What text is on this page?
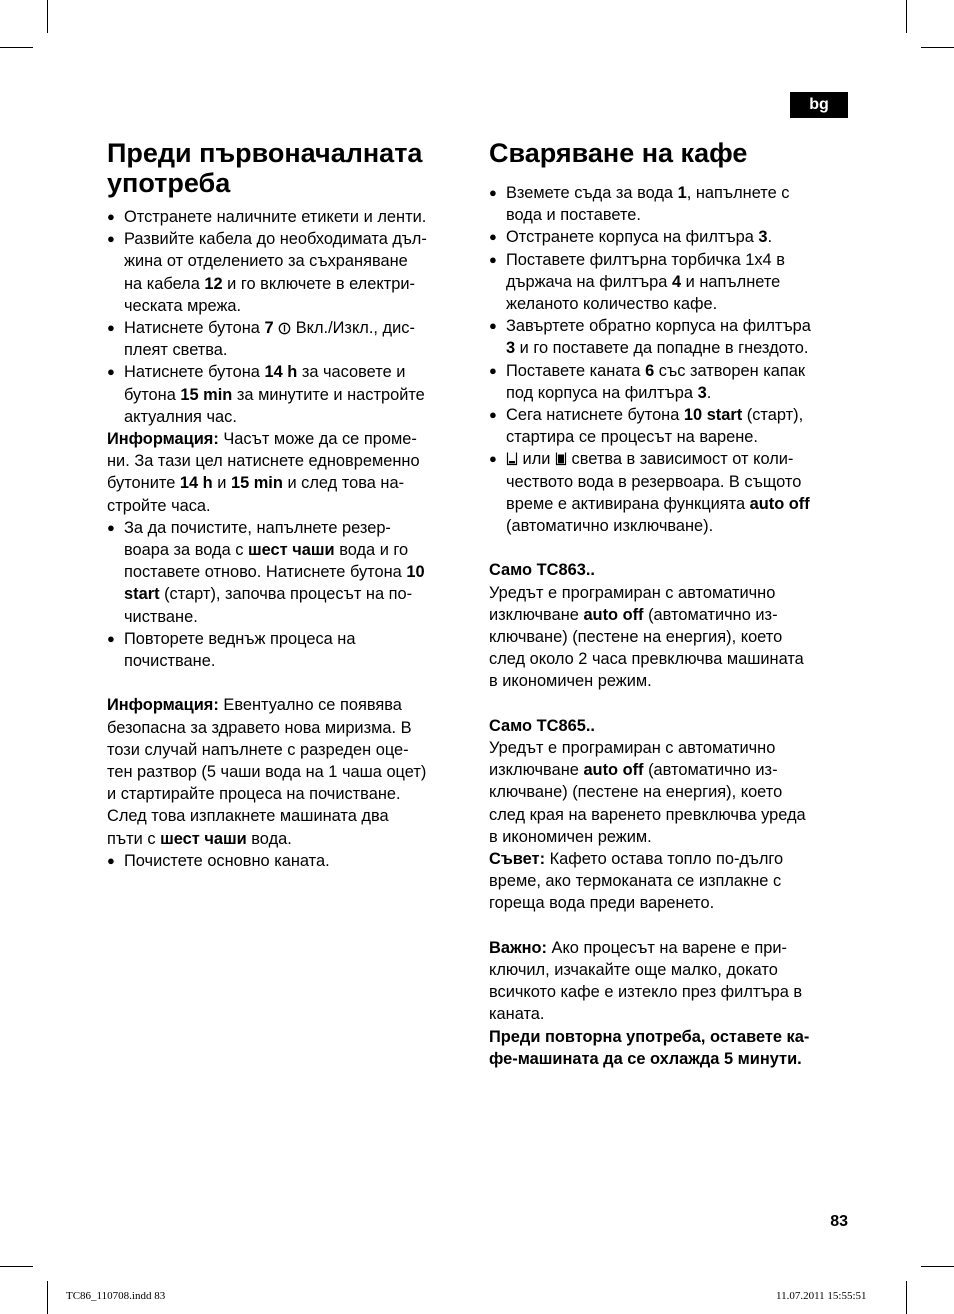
bg
Преди първоначалната
употреба
● Отстранете наличните етикети и ленти.
● Развийте кабела до необходимата дъл-
жина от отделението за съхраняване
на кабела 12 и го включете в електри-
ческата мрежа.
● Натиснете бутона 7  Вкл./Изкл., дис-
плеят светва.
● Натиснете бутона 14 h за часовете и
бутона 15 min за минутите и настройте
актуалния час.
Информация: Часът може да се проме-
ни. За тази цел натиснете едновременно
бутоните 14 h и 15 min и след това на-
стройте часа.
● За да почистите, напълнете резер-
воара за вода с шест чаши вода и го
поставете отново. Натиснете бутона 10
start (старт), започва процесът на по-
чистване.
● Повторете веднъж процеса на
почистване.
Информация: Евентуално се появява
безопасна за здравето нова миризма. В
този случай напълнете с разреден оце-
тен разтвор (5 чаши вода на 1 чаша оцет)
и стартирайте процеса на почистване.
След това изплакнете машината два
пъти с шест чаши вода.
● Почистете основно каната.
Сваряване на кафе
● Вземете съда за вода 1, напълнете с
вода и поставете.
● Отстранете корпуса на филтъра 3.
● Поставете филтърна торбичка 1x4 в
държача на филтъра 4 и напълнете
желаното количество кафе.
● Завъртете обратно корпуса на филтъра
3 и го поставете да попадне в гнездото.
● Поставете каната 6 със затворен капак
под корпуса на филтъра 3.
● Сега натиснете бутона 10 start (старт),
стартира се процесът на варене.
● или  светва в зависимост от коли-
чеството вода в резервоара. В същото
време е активирана функцията auto off
(автоматично изключване).
Само TC863..
Уредът е програмиран с автоматично
изключване auto off (автоматично из-
ключване) (пестене на енергия), което
след около 2 часа превключва машината
в икономичен режим.
Само TC865..
Уредът е програмиран с автоматично
изключване auto off (автоматично из-
ключване) (пестене на енергия), което
след края на варенето превключва уреда
в икономичен режим.
Съвет: Кафето остава топло по-дълго
време, ако термоканата се изплакне с
гореща вода преди варенето.
Важно: Ако процесът на варене е при-
ключил, изчакайте още малко, докато
всичкото кафе е изтекло през филтъра в
каната.
Преди повторна употреба, оставете ка-
фе-машината да се охлажда 5 минути.
83
TC86_110708.indd 83	11.07.2011 15:55:51
